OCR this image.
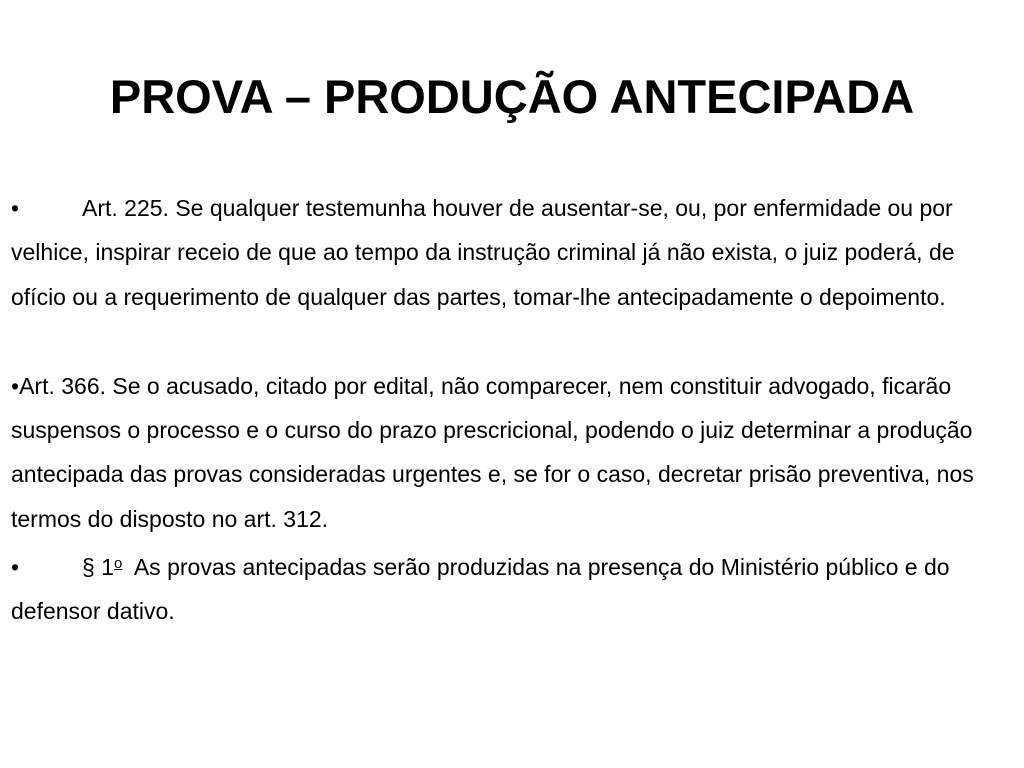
PROVA – PRODUÇÃO ANTECIPADA

•	Art. 225. Se qualquer testemunha houver de ausentar-se, ou, por enfermidade ou por velhice, inspirar receio de que ao tempo da instrução criminal já não exista, o juiz poderá, de ofício ou a requerimento de qualquer das partes, tomar-lhe antecipadamente o depoimento.

•Art. 366. Se o acusado, citado por edital, não comparecer, nem constituir advogado, ficarão suspensos o processo e o curso do prazo prescricional, podendo o juiz determinar a produção antecipada das provas consideradas urgentes e, se for o caso, decretar prisão preventiva, nos termos do disposto no art. 312.

•	§ 1$^o$ As provas antecipadas serão produzidas na presença do Ministério público e do defensor dativo.
